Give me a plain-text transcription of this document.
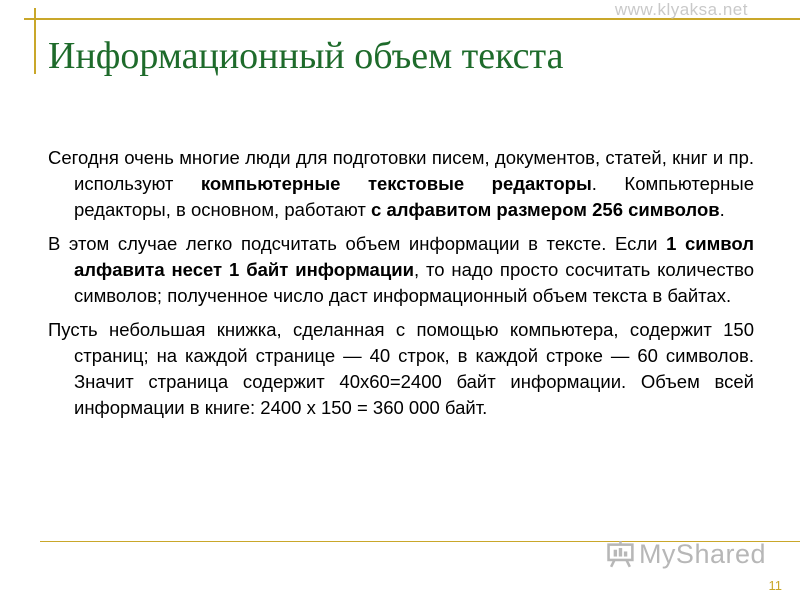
www.klyaksa.net
Информационный объем текста

Сегодня очень многие люди для подготовки писем, документов, статей, книг и пр. используют компьютерные текстовые редакторы. Компьютерные редакторы, в основном, работают с алфавитом размером 256 символов.

В этом случае легко подсчитать объем информации в тексте. Если 1 символ алфавита несет 1 байт информации, то надо просто сосчитать количество символов; полученное число даст информационный объем текста в байтах.

Пусть небольшая книжка, сделанная с помощью компьютера, содержит 150 страниц; на каждой странице — 40 строк, в каждой строке — 60 символов. Значит страница содержит 40х60=2400 байт информации. Объем всей информации в книге: 2400 х 150 = 360 000 байт.

MyShared
11
